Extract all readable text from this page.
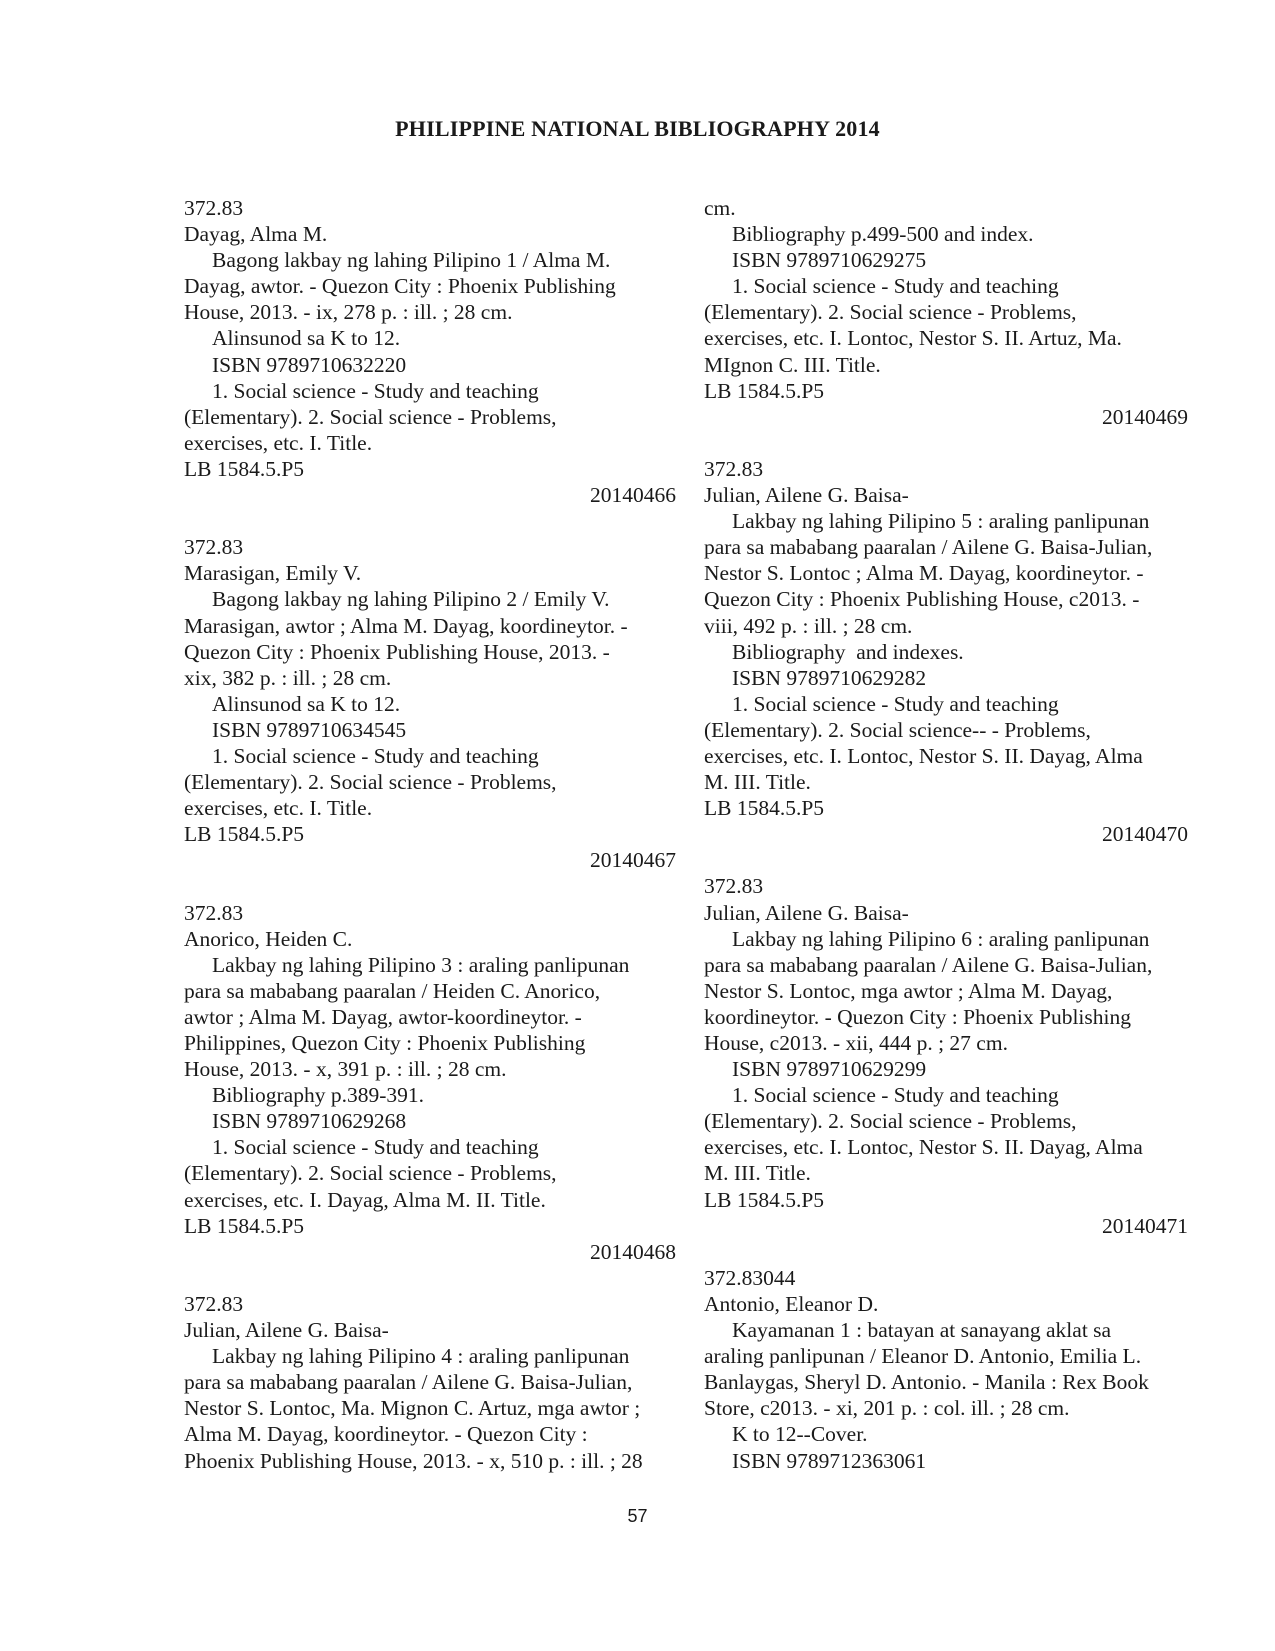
PHILIPPINE NATIONAL BIBLIOGRAPHY 2014
372.83
Dayag, Alma M.
Bagong lakbay ng lahing Pilipino 1 / Alma M.
Dayag, awtor. - Quezon City : Phoenix Publishing
House, 2013. - ix, 278 p. : ill. ; 28 cm.
Alinsunod sa K to 12.
ISBN 9789710632220
1. Social science - Study and teaching
(Elementary). 2. Social science - Problems,
exercises, etc. I. Title.
LB 1584.5.P5
20140466
372.83
Marasigan, Emily V.
Bagong lakbay ng lahing Pilipino 2 / Emily V.
Marasigan, awtor ; Alma M. Dayag, koordineytor. -
Quezon City : Phoenix Publishing House, 2013. -
xix, 382 p. : ill. ; 28 cm.
Alinsunod sa K to 12.
ISBN 9789710634545
1. Social science - Study and teaching
(Elementary). 2. Social science - Problems,
exercises, etc. I. Title.
LB 1584.5.P5
20140467
372.83
Anorico, Heiden C.
Lakbay ng lahing Pilipino 3 : araling panlipunan
para sa mababang paaralan / Heiden C. Anorico,
awtor ; Alma M. Dayag, awtor-koordineytor. -
Philippines, Quezon City : Phoenix Publishing
House, 2013. - x, 391 p. : ill. ; 28 cm.
Bibliography p.389-391.
ISBN 9789710629268
1. Social science - Study and teaching
(Elementary). 2. Social science - Problems,
exercises, etc. I. Dayag, Alma M. II. Title.
LB 1584.5.P5
20140468
372.83
Julian, Ailene G. Baisa-
Lakbay ng lahing Pilipino 4 : araling panlipunan
para sa mababang paaralan / Ailene G. Baisa-Julian,
Nestor S. Lontoc, Ma. Mignon C. Artuz, mga awtor ;
Alma M. Dayag, koordineytor. - Quezon City :
Phoenix Publishing House, 2013. - x, 510 p. : ill. ; 28
cm.
Bibliography p.499-500 and index.
ISBN 9789710629275
1. Social science - Study and teaching
(Elementary). 2. Social science - Problems,
exercises, etc. I. Lontoc, Nestor S. II. Artuz, Ma.
MIgnon C. III. Title.
LB 1584.5.P5
20140469
372.83
Julian, Ailene G. Baisa-
Lakbay ng lahing Pilipino 5 : araling panlipunan
para sa mababang paaralan / Ailene G. Baisa-Julian,
Nestor S. Lontoc ; Alma M. Dayag, koordineytor. -
Quezon City : Phoenix Publishing House, c2013. -
viii, 492 p. : ill. ; 28 cm.
Bibliography  and indexes.
ISBN 9789710629282
1. Social science - Study and teaching
(Elementary). 2. Social science-- - Problems,
exercises, etc. I. Lontoc, Nestor S. II. Dayag, Alma
M. III. Title.
LB 1584.5.P5
20140470
372.83
Julian, Ailene G. Baisa-
Lakbay ng lahing Pilipino 6 : araling panlipunan
para sa mababang paaralan / Ailene G. Baisa-Julian,
Nestor S. Lontoc, mga awtor ; Alma M. Dayag,
koordineytor. - Quezon City : Phoenix Publishing
House, c2013. - xii, 444 p. ; 27 cm.
ISBN 9789710629299
1. Social science - Study and teaching
(Elementary). 2. Social science - Problems,
exercises, etc. I. Lontoc, Nestor S. II. Dayag, Alma
M. III. Title.
LB 1584.5.P5
20140471
372.83044
Antonio, Eleanor D.
Kayamanan 1 : batayan at sanayang aklat sa
araling panlipunan / Eleanor D. Antonio, Emilia L.
Banlaygas, Sheryl D. Antonio. - Manila : Rex Book
Store, c2013. - xi, 201 p. : col. ill. ; 28 cm.
K to 12--Cover.
ISBN 9789712363061
57
